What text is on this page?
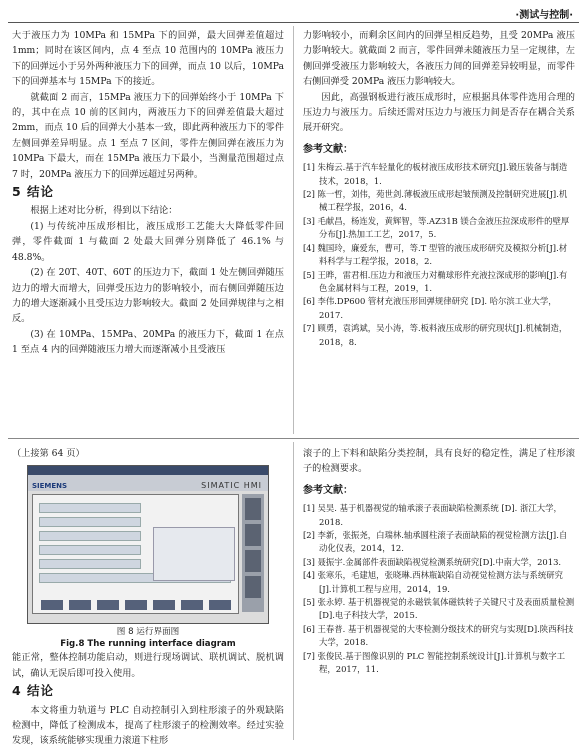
·测试与控制·

大于液压力为 10MPa 和 15MPa 下的回弹，最大回弹差值超过 1mm；同时在该区间内，点 4 至点 10 范围内的 10MPa 液压力下的回弹远小于另外两种液压力下的回弹，而点 10 以后，10MPa 下的回弹基本与 15MPa 下的接近。

就截面 2 而言，15MPa 液压力下的回弹始终小于 10MPa 下的，其中在点 10 前的区间内，两液压力下的回弹差值最大超过 2mm，而点 10 后的回弹大小基本一致，即此两种液压力下的零件左侧回弹差异明显。点 1 至点 7 区间，零件左侧回弹在液压力为 10MPa 下最大，而在 15MPa 液压力下最小，当测量范围超过点 7 时，20MPa 液压力下的回弹远超过另两种。

5 结论

根据上述对比分析，得到以下结论：

(1) 与传统冲压成形相比，液压成形工艺能大大降低零件回弹，零件截面 1 与截面 2 处最大回弹分别降低了 46.1% 与 48.8%。

(2) 在 20T、40T、60T 的压边力下，截面 1 处左侧回弹随压边力的增大而增大，回弹受压边力的影响较小，而右侧回弹随压边力的增大逐渐减小且受压边力影响较大。截面 2 处回弹规律与之相反。

(3) 在 10MPa、15MPa、20MPa 的液压力下，截面 1 在点 1 至点 4 内的回弹随液压力增大而逐渐减小且受液压

力影响较小，而剩余区间内的回弹呈相反趋势，且受 20MPa 液压力影响较大。就截面 2 而言，零件回弹未随液压力呈一定规律，左侧回弹受液压力影响较大，各液压力间的回弹差异较明显，而零件右侧回弹受 20MPa 液压力影响较大。

因此，高强钢板进行液压成形时，应根据具体零件选用合理的压边力与液压力。后续还需对压边力与液压力间是否存在耦合关系展开研究。

参考文献：
[1] 朱梅云.基于汽车轻量化的板材液压成形技术研究[J].锻压装备与制造技术，2018，1.
[2] 陈一哲，刘伟，苑世剑.薄板液压成形起皱预测及控制研究进展[J].机械工程学报，2016，4.
[3] 毛献昌，杨连发，黄辉智，等.AZ31B 镁合金液压拉深成形件的壁厚分布[J].热加工工艺，2017，5.
[4] 魏国玲，廉爱东，曹可，等.T 型管的液压成形研究及模拟分析[J].材料科学与工程学报，2018，2.
[5] 王晔，雷君相.压边力和液压力对椭球形件充液拉深成形的影响[J].有色金属材料与工程，2019，1.
[6] 李伟.DP600 管材充液压形回弹规律研究 [D]. 哈尔滨工业大学，2017.
[7] 顾勇，袁鸿斌，吴小涛，等.板料液压成形的研究现状[J].机械制造，2018，8.

（上接第 64 页）

SIEMENS	SIMATIC HMI
图 8 运行界面图
Fig.8 The running interface diagram

能正常，整体控制功能启动，则进行现场调试、联机调试、脱机调试，确认无误后即可投入使用。

4 结论

本文将重力轨道与 PLC 自动控制引入到柱形滚子的外观缺陷检测中，降低了检测成本，提高了柱形滚子的检测效率。经过实验发现，该系统能够实现重力滚道下柱形

滚子的上下料和缺陷分类控制，具有良好的稳定性，满足了柱形滚子的检测要求。

参考文献：
[1] 吴昊. 基于机器视觉的轴承滚子表面缺陷检测系统 [D]. 浙江大学，2018.
[2] 李新，张振尧，白瑞林.轴承圆柱滚子表面缺陷的视觉检测方法[J].自动化仪表，2014，12.
[3] 聂振宇.金属部件表面缺陷视觉检测系统研究[D].中南大学，2013.
[4] 张寒乐，毛建旭，张晓琳.西林瓶缺陷自动视觉检测方法与系统研究[J].计算机工程与应用，2014，19.
[5] 张永婷. 基于机器视觉的永磁铁氧体磁铁转子关键尺寸及表面质量检测[D].电子科技大学，2015.
[6] 王春普. 基于机器视觉的大枣检测分级技术的研究与实现[D].陕西科技大学，2018.
[7] 张俊民.基于图像识别的 PLC 智能控制系统设计[J].计算机与数字工程，2017，11.
